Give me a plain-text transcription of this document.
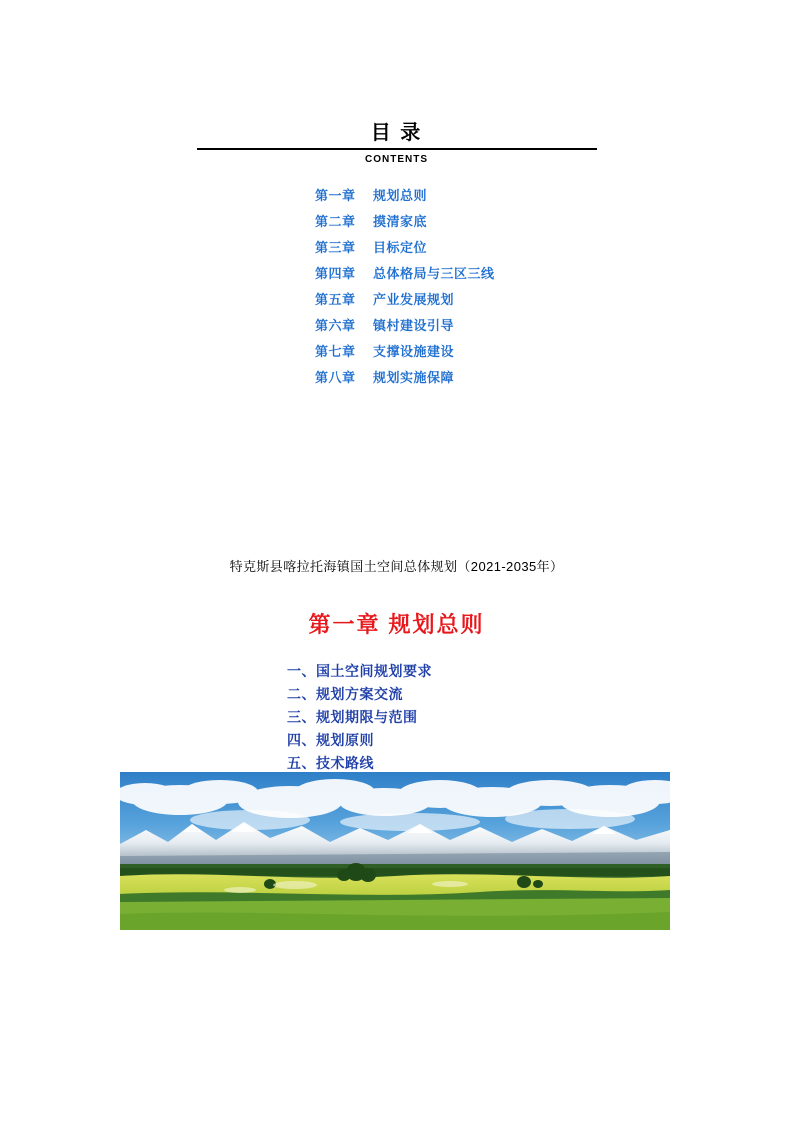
目 录
CONTENTS
第一章 规划总则
第二章 摸清家底
第三章 目标定位
第四章 总体格局与三区三线
第五章 产业发展规划
第六章 镇村建设引导
第七章 支撑设施建设
第八章 规划实施保障
特克斯县喀拉托海镇国土空间总体规划（2021-2035年）
第一章 规划总则
一、国土空间规划要求
二、规划方案交流
三、规划期限与范围
四、规划原则
五、技术路线
